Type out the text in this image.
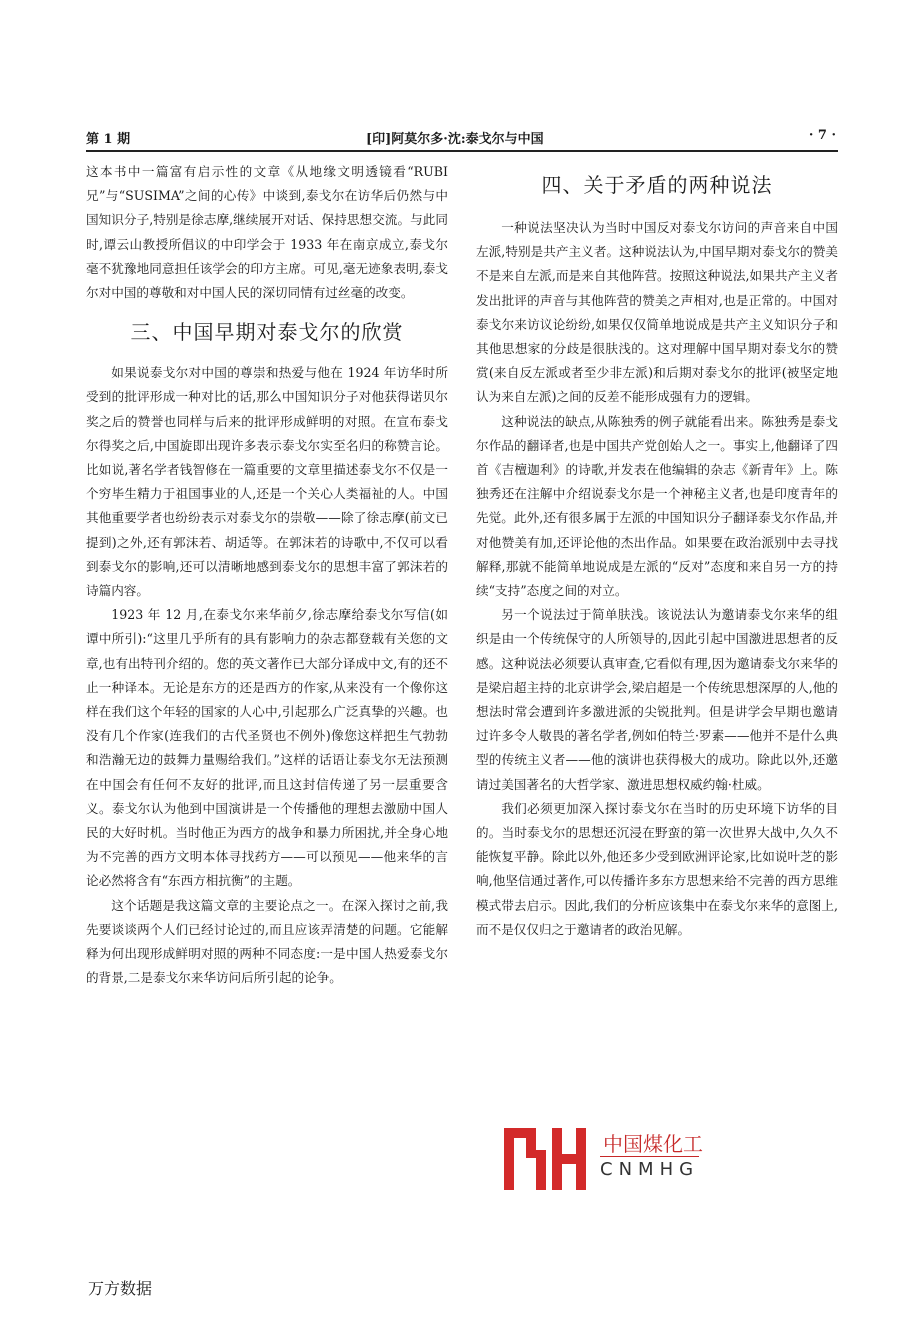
第 1 期	[印]阿莫尔多·沈:泰戈尔与中国	· 7 ·

这本书中一篇富有启示性的文章《从地缘文明透镜看“RUBI 兄”与“SUSIMA”之间的心传》中谈到,泰戈尔在访华后仍然与中国知识分子,特别是徐志摩,继续展开对话、保持思想交流。与此同时,谭云山教授所倡议的中印学会于 1933 年在南京成立,泰戈尔毫不犹豫地同意担任该学会的印方主席。可见,毫无迹象表明,泰戈尔对中国的尊敬和对中国人民的深切同情有过丝毫的改变。

三、中国早期对泰戈尔的欣赏

如果说泰戈尔对中国的尊崇和热爱与他在 1924 年访华时所受到的批评形成一种对比的话,那么中国知识分子对他获得诺贝尔奖之后的赞誉也同样与后来的批评形成鲜明的对照。在宣布泰戈尔得奖之后,中国旋即出现许多表示泰戈尔实至名归的称赞言论。比如说,著名学者钱智修在一篇重要的文章里描述泰戈尔不仅是一个穷毕生精力于祖国事业的人,还是一个关心人类福祉的人。中国其他重要学者也纷纷表示对泰戈尔的崇敬——除了徐志摩(前文已提到)之外,还有郭沫若、胡适等。在郭沫若的诗歌中,不仅可以看到泰戈尔的影响,还可以清晰地感到泰戈尔的思想丰富了郭沫若的诗篇内容。

1923 年 12 月,在泰戈尔来华前夕,徐志摩给泰戈尔写信(如谭中所引):“这里几乎所有的具有影响力的杂志都登载有关您的文章,也有出特刊介绍的。您的英文著作已大部分译成中文,有的还不止一种译本。无论是东方的还是西方的作家,从来没有一个像你这样在我们这个年轻的国家的人心中,引起那么广泛真挚的兴趣。也没有几个作家(连我们的古代圣贤也不例外)像您这样把生气勃勃和浩瀚无边的鼓舞力量赐给我们。”这样的话语让泰戈尔无法预测在中国会有任何不友好的批评,而且这封信传递了另一层重要含义。泰戈尔认为他到中国演讲是一个传播他的理想去激励中国人民的大好时机。当时他正为西方的战争和暴力所困扰,并全身心地为不完善的西方文明本体寻找药方——可以预见——他来华的言论必然将含有“东西方相抗衡”的主题。

这个话题是我这篇文章的主要论点之一。在深入探讨之前,我先要谈谈两个人们已经讨论过的,而且应该弄清楚的问题。它能解释为何出现形成鲜明对照的两种不同态度:一是中国人热爱泰戈尔的背景,二是泰戈尔来华访问后所引起的论争。

四、关于矛盾的两种说法

一种说法坚决认为当时中国反对泰戈尔访问的声音来自中国左派,特别是共产主义者。这种说法认为,中国早期对泰戈尔的赞美不是来自左派,而是来自其他阵营。按照这种说法,如果共产主义者发出批评的声音与其他阵营的赞美之声相对,也是正常的。中国对泰戈尔来访议论纷纷,如果仅仅简单地说成是共产主义知识分子和其他思想家的分歧是很肤浅的。这对理解中国早期对泰戈尔的赞赏(来自反左派或者至少非左派)和后期对泰戈尔的批评(被坚定地认为来自左派)之间的反差不能形成强有力的逻辑。

这种说法的缺点,从陈独秀的例子就能看出来。陈独秀是泰戈尔作品的翻译者,也是中国共产党创始人之一。事实上,他翻译了四首《吉檀迦利》的诗歌,并发表在他编辑的杂志《新青年》上。陈独秀还在注解中介绍说泰戈尔是一个神秘主义者,也是印度青年的先觉。此外,还有很多属于左派的中国知识分子翻译泰戈尔作品,并对他赞美有加,还评论他的杰出作品。如果要在政治派别中去寻找解释,那就不能简单地说成是左派的“反对”态度和来自另一方的持续“支持”态度之间的对立。

另一个说法过于简单肤浅。该说法认为邀请泰戈尔来华的组织是由一个传统保守的人所领导的,因此引起中国激进思想者的反感。这种说法必须要认真审查,它看似有理,因为邀请泰戈尔来华的是梁启超主持的北京讲学会,梁启超是一个传统思想深厚的人,他的想法时常会遭到许多激进派的尖锐批判。但是讲学会早期也邀请过许多令人敬畏的著名学者,例如伯特兰·罗素——他并不是什么典型的传统主义者——他的演讲也获得极大的成功。除此以外,还邀请过美国著名的大哲学家、激进思想权威约翰·杜威。

我们必须更加深入探讨泰戈尔在当时的历史环境下访华的目的。当时泰戈尔的思想还沉浸在野蛮的第一次世界大战中,久久不能恢复平静。除此以外,他还多少受到欧洲评论家,比如说叶芝的影响,他坚信通过著作,可以传播许多东方思想来给不完善的西方思维模式带去启示。因此,我们的分析应该集中在泰戈尔来华的意图上,而不是仅仅归之于邀请者的政治见解。

中国煤化工
CNMHG
万方数据
